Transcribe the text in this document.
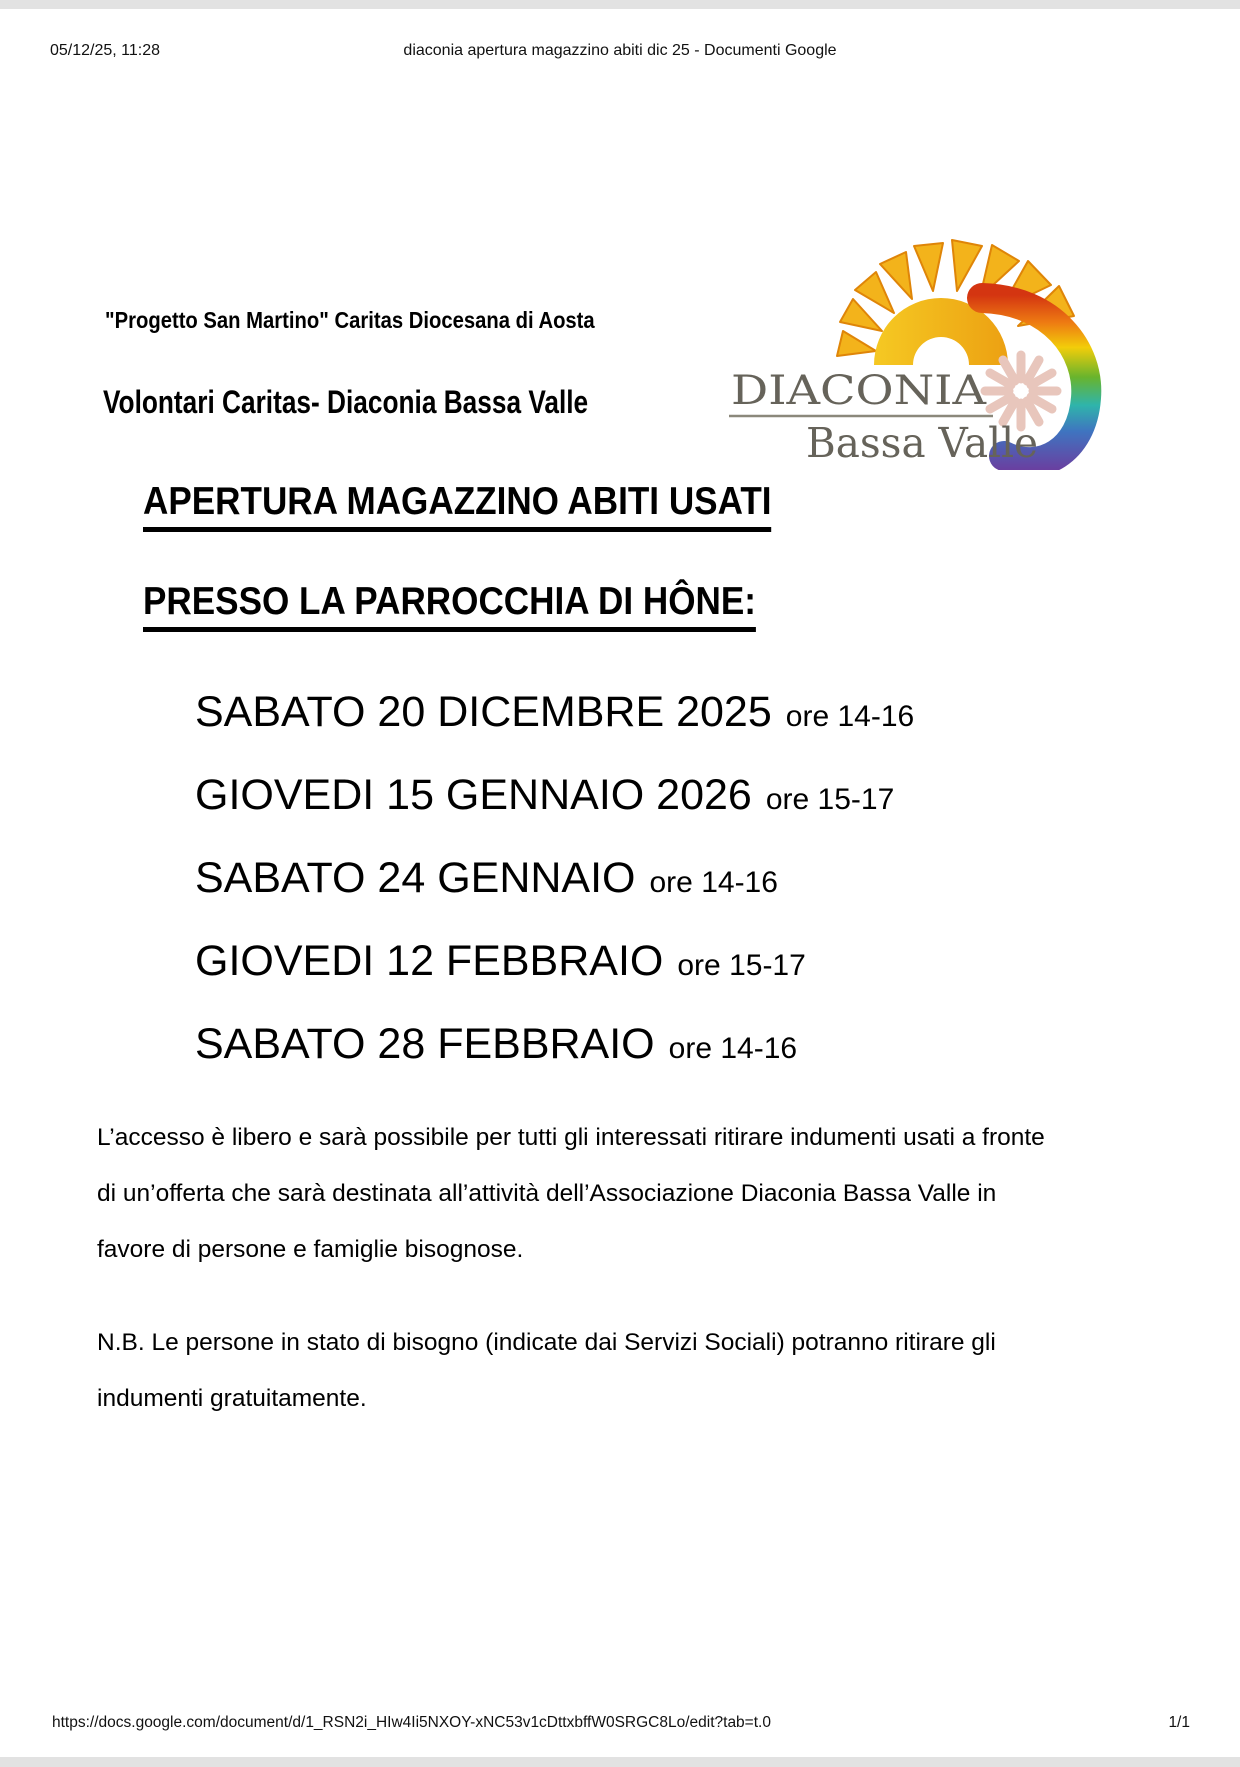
05/12/25, 11:28	diaconia apertura magazzino abiti dic 25 - Documenti Google
DIACONIA
Bassa Valle
"Progetto San Martino" Caritas Diocesana di Aosta
Volontari Caritas- Diaconia Bassa Valle
APERTURA MAGAZZINO ABITI USATI
PRESSO LA PARROCCHIA DI HÔNE:
SABATO 20 DICEMBRE 2025 ore 14-16
GIOVEDI 15 GENNAIO 2026 ore 15-17
SABATO 24 GENNAIO ore 14-16
GIOVEDI 12 FEBBRAIO ore 15-17
SABATO 28 FEBBRAIO ore 14-16
L’accesso è libero e sarà possibile per tutti gli interessati ritirare indumenti usati a fronte di un’offerta che sarà destinata all’attività dell’Associazione Diaconia Bassa Valle in favore di persone e famiglie bisognose.
N.B. Le persone in stato di bisogno (indicate dai Servizi Sociali) potranno ritirare gli indumenti gratuitamente.
https://docs.google.com/document/d/1_RSN2i_HIw4Ii5NXOY-xNC53v1cDttxbffW0SRGC8Lo/edit?tab=t.0	1/1
